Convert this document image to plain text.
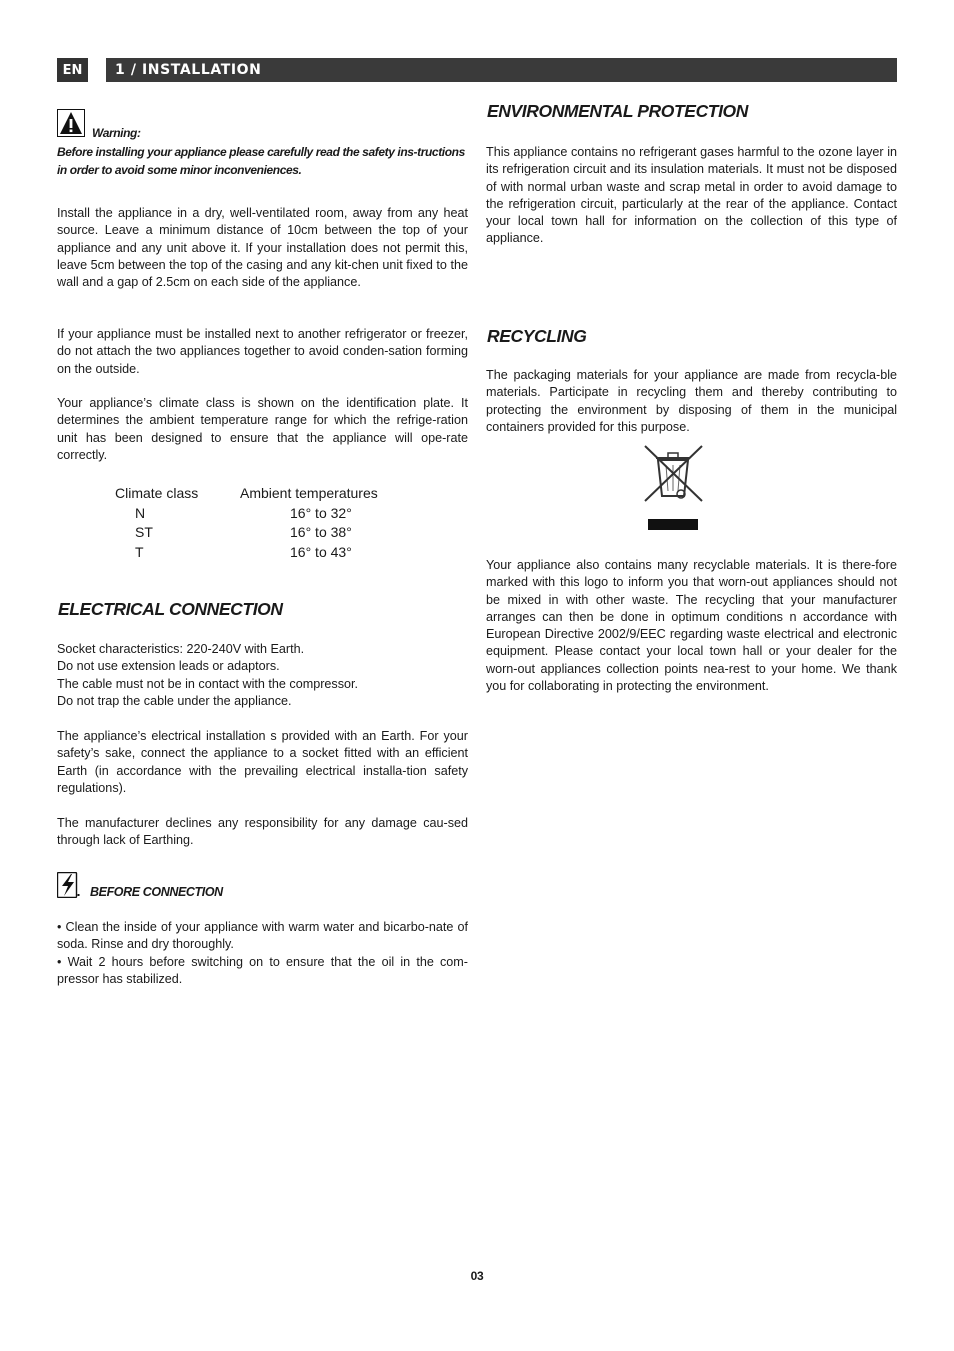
EN	1 / INSTALLATION
Warning:
Before installing your appliance please carefully read the safety ins-tructions in order to avoid some minor inconveniences.

Install the appliance in a dry, well-ventilated room, away from any heat source. Leave a minimum distance of 10cm between the top of your appliance and any unit above it. If your installation does not permit this, leave 5cm between the top of the casing and any kit-chen unit fixed to the wall and a gap of 2.5cm on each side of the appliance.

If your appliance must be installed next to another refrigerator or freezer, do not attach the two appliances together to avoid conden-sation forming on the outside.

Your appliance’s climate class is shown on the identification plate. It determines the ambient temperature range for which the refrige-ration unit has been designed to ensure that the appliance will ope-rate correctly.

Climate class	Ambient temperatures
N	16° to 32°
ST	16° to 38°
T	16° to 43°
ELECTRICAL CONNECTION

Socket characteristics: 220-240V with Earth.

Do not use extension leads or adaptors.

The cable must not be in contact with the compressor.

Do not trap the cable under the appliance.

The appliance’s electrical installation s provided with an Earth. For your safety’s sake, connect the appliance to a socket fitted with an efficient Earth (in accordance with the prevailing electrical installa-tion safety regulations).

The manufacturer declines any responsibility for any damage cau-sed through lack of Earthing.

BEFORE CONNECTION

• Clean the inside of your appliance with warm water and bicarbo-nate of soda. Rinse and dry thoroughly.

• Wait 2 hours before switching on to ensure that the oil in the com-pressor has stabilized.

ENVIRONMENTAL PROTECTION

This appliance contains no refrigerant gases harmful to the ozone layer in its refrigeration circuit and its insulation materials. It must not be disposed of with normal urban waste and scrap metal in order to avoid damage to the refrigeration circuit, particularly at the rear of the appliance. Contact your local town hall for information on the collection of this type of appliance.

RECYCLING

The packaging materials for your appliance are made from recycla-ble materials. Participate in recycling them and thereby contributing to protecting the environment by disposing of them in the municipal containers provided for this purpose.

Your appliance also contains many recyclable materials. It is there-fore marked with this logo to inform you that worn-out appliances should not be mixed in with other waste. The recycling that your manufacturer arranges can then be done in optimum conditions n accordance with European Directive 2002/9/EEC regarding waste electrical and electronic equipment. Please contact your local town hall or your dealer for the worn-out appliances collection points nea-rest to your home. We thank you for collaborating in protecting the environment.

03
